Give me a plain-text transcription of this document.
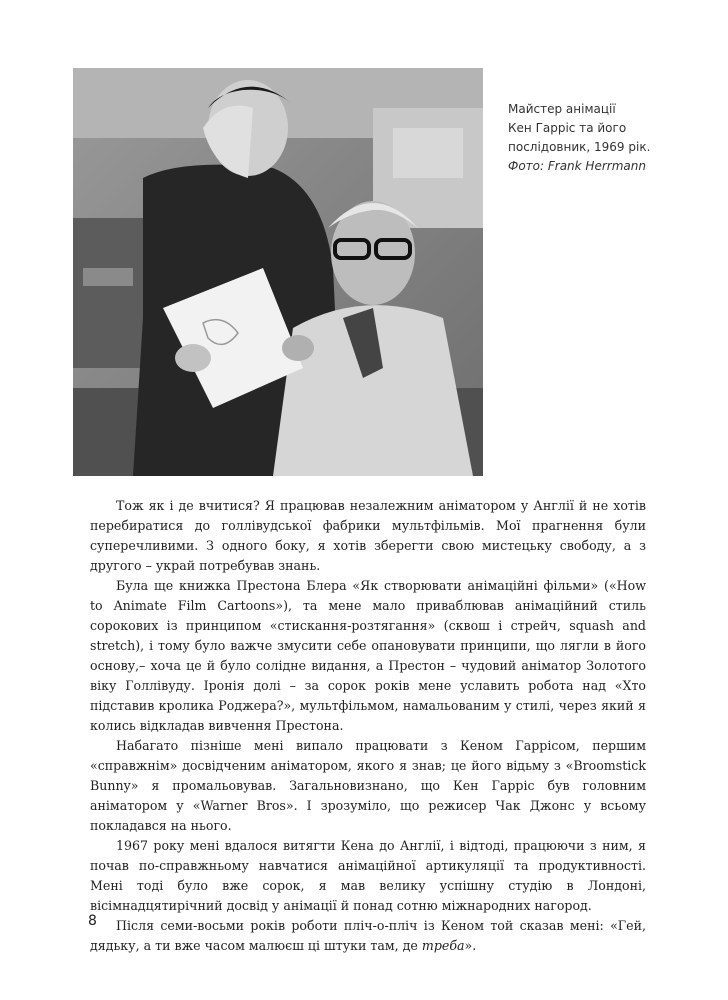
Майстер анімації
Кен Гарріс та його
послідовник, 1969 рік.
Фото: Frank Herrmann

Тож як і де вчитися? Я працював незалежним аніматором у Англії й не хотів перебиратися до голлівудської фабрики мультфільмів. Мої прагнення були суперечливими. З одного боку, я хотів зберегти свою мистецьку свободу, а з другого – украй потребував знань.

Була ще книжка Престона Блера «Як створювати анімаційні фільми» («How to Animate Film Cartoons»), та мене мало приваблював анімаційний стиль сорокових із принципом «стискання-розтягання» (сквош і стрейч, squash and stretch), і тому було важче змусити себе опановувати принципи, що лягли в його основу,– хоча це й було солідне видання, а Престон – чудовий аніматор Золотого віку Голлівуду. Іронія долі – за сорок років мене уславить робота над «Хто підставив кролика Роджера?», мультфільмом, намальованим у стилі, через який я колись відкладав вивчення Престона.

Набагато пізніше мені випало працювати з Кеном Гаррісом, першим «справжнім» досвідченим аніматором, якого я знав; це його відьму з «Broomstick Bunny» я промальовував. Загальновизнано, що Кен Гарріс був головним аніматором у «Warner Bros». І зрозуміло, що режисер Чак Джонс у всьому покладався на нього.

1967 року мені вдалося витягти Кена до Англії, і відтоді, працюючи з ним, я почав по-справжньому навчатися анімаційної артикуляції та продуктивності. Мені тоді було вже сорок, я мав велику успішну студію в Лондоні, вісімнадцятирічний досвід у анімації й понад сотню міжнародних нагород.

Після семи-восьми років роботи пліч-о-пліч із Кеном той сказав мені: «Гей, дядьку, а ти вже часом малюєш ці штуки там, де треба».

8
